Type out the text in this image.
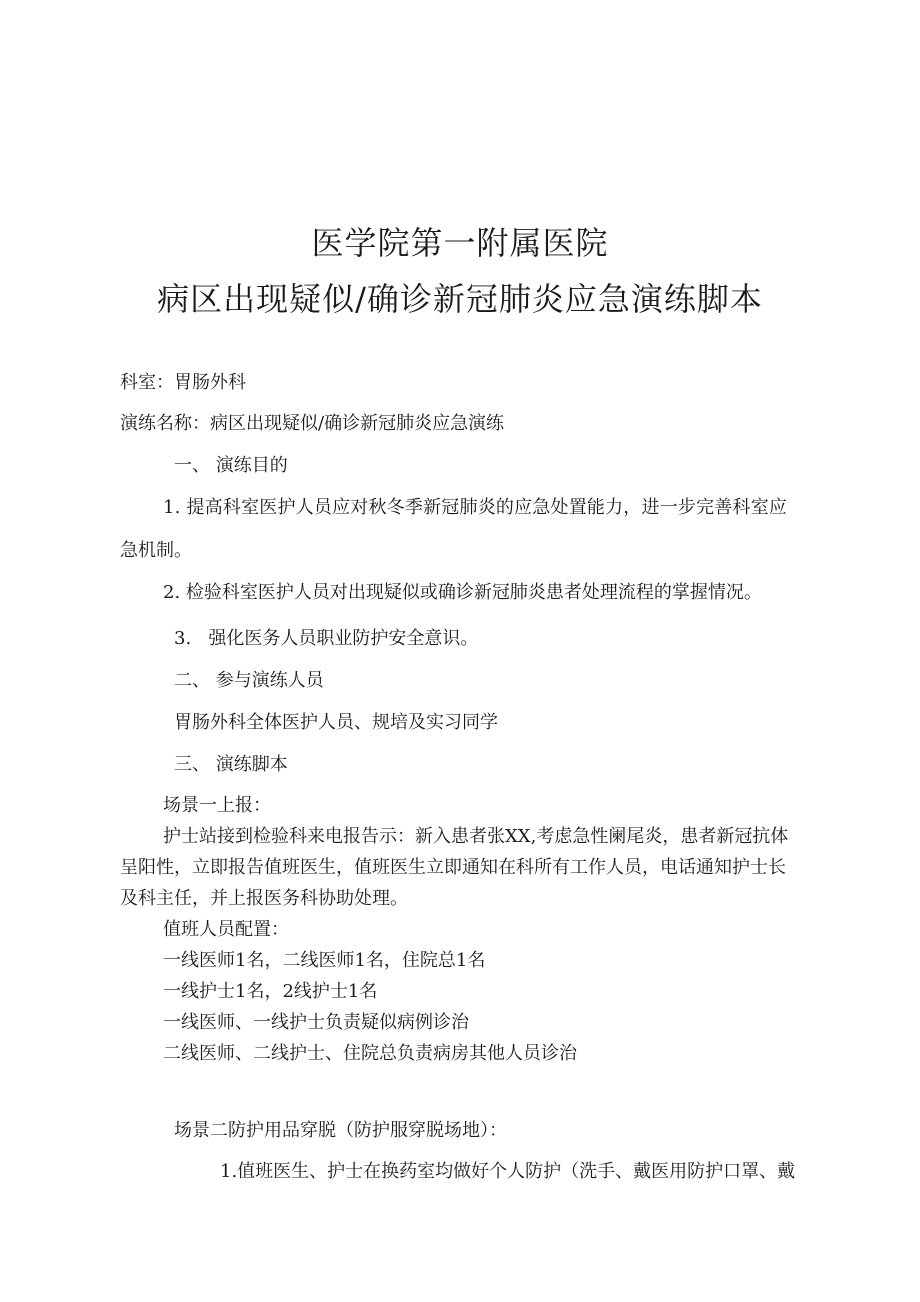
医学院第一附属医院
病区出现疑似/确诊新冠肺炎应急演练脚本
科室：胃肠外科
演练名称：病区出现疑似/确诊新冠肺炎应急演练
一、 演练目的
1. 提高科室医护人员应对秋冬季新冠肺炎的应急处置能力，进一步完善科室应
急机制。
2. 检验科室医护人员对出现疑似或确诊新冠肺炎患者处理流程的掌握情况。
3.   强化医务人员职业防护安全意识。
二、 参与演练人员
胃肠外科全体医护人员、规培及实习同学
三、 演练脚本
场景一上报：
护士站接到检验科来电报告示：新入患者张XX,考虑急性阑尾炎，患者新冠抗体
呈阳性，立即报告值班医生，值班医生立即通知在科所有工作人员，电话通知护士长
及科主任，并上报医务科协助处理。
值班人员配置：
一线医师1名，二线医师1名，住院总1名
一线护士1名，2线护士1名
一线医师、一线护士负责疑似病例诊治
二线医师、二线护士、住院总负责病房其他人员诊治
场景二防护用品穿脱（防护服穿脱场地）：
1.值班医生、护士在换药室均做好个人防护（洗手、戴医用防护口罩、戴
